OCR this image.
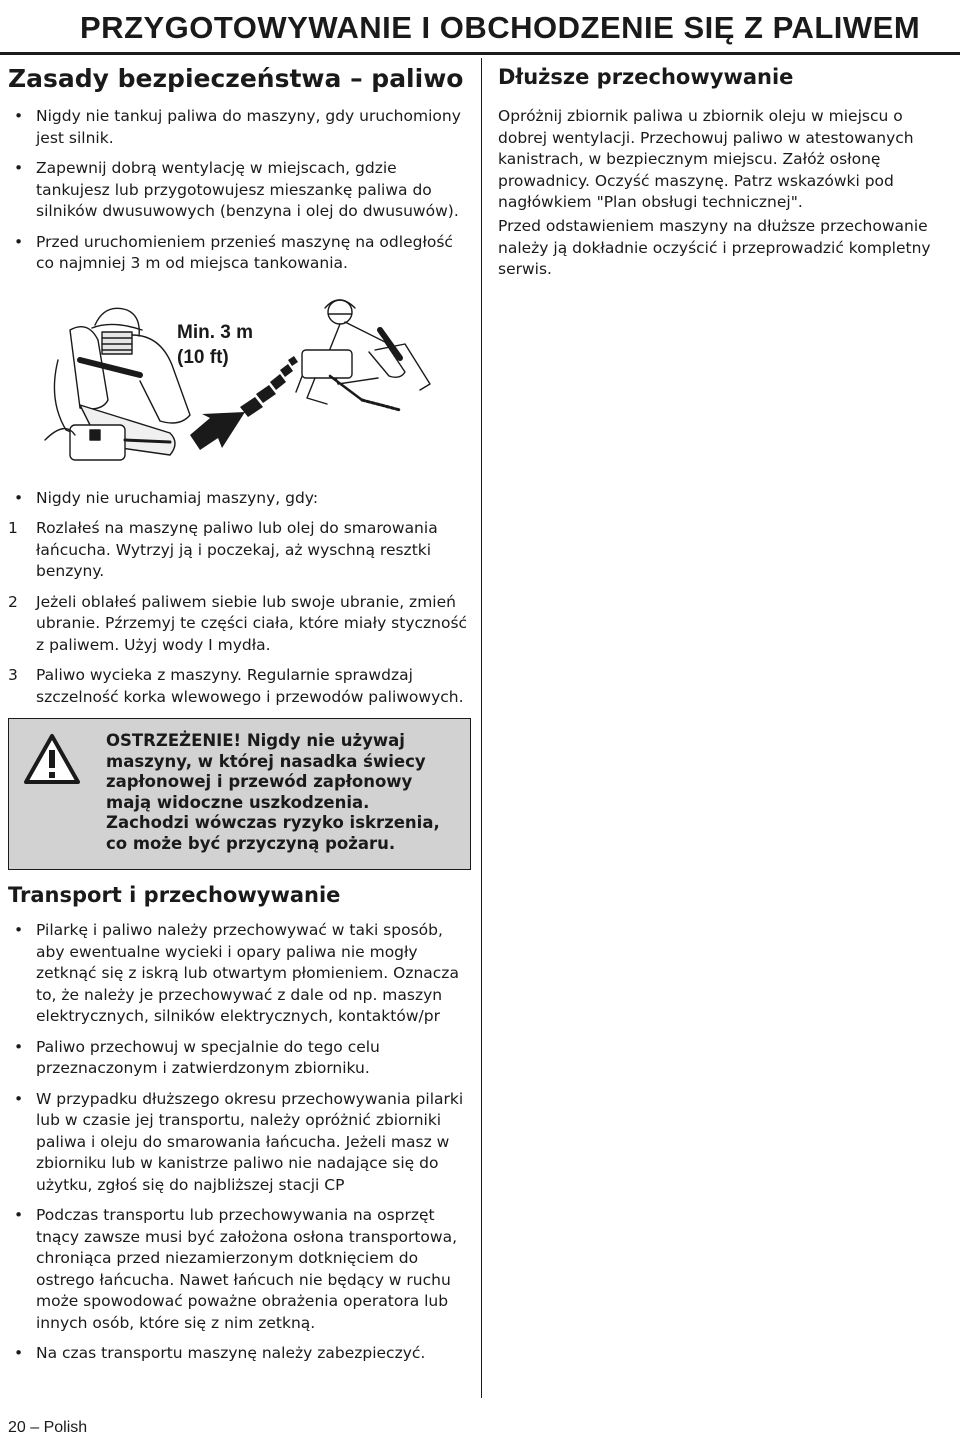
PRZYGOTOWYWANIE I OBCHODZENIE SIĘ Z PALIWEM
Zasady bezpieczeństwa – paliwo
• Nigdy nie tankuj paliwa do maszyny, gdy uruchomiony jest silnik.
• Zapewnij dobrą wentylację w miejscach, gdzie tankujesz lub przygotowujesz mieszankę paliwa do silników dwusuwowych (benzyna i olej do dwusuwów).
• Przed uruchomieniem przenieś maszynę na odległość co najmniej 3 m od miejsca tankowania.
Min. 3 m
(10 ft)
• Nigdy nie uruchamiaj maszyny, gdy:
1 Rozlałeś na maszynę paliwo lub olej do smarowania łańcucha. Wytrzyj ją i poczekaj, aż wyschną resztki benzyny.
2 Jeżeli oblałeś paliwem siebie lub swoje ubranie, zmień ubranie. Pźrzemyj te części ciała, które miały styczność z paliwem. Użyj wody I mydła.
3 Paliwo wycieka z maszyny. Regularnie sprawdzaj szczelność korka wlewowego i przewodów paliwowych.
OSTRZEŻENIE! Nigdy nie używaj maszyny, w której nasadka świecy zapłonowej i przewód zapłonowy mają widoczne uszkodzenia. Zachodzi wówczas ryzyko iskrzenia, co może być przyczyną pożaru.
Transport i przechowywanie
• Pilarkę i paliwo należy przechowywać w taki sposób, aby ewentualne wycieki i opary paliwa nie mogły zetknąć się z iskrą lub otwartym płomieniem. Oznacza to, że należy je przechowywać z dale od np. maszyn elektrycznych, silników elektrycznych, kontaktów/pr
• Paliwo przechowuj w specjalnie do tego celu przeznaczonym i zatwierdzonym zbiorniku.
• W przypadku dłuższego okresu przechowywania pilarki lub w czasie jej transportu, należy opróżnić zbiorniki paliwa i oleju do smarowania łańcucha. Jeżeli masz w zbiorniku lub w kanistrze paliwo nie nadające się do użytku, zgłoś się do najbliższej stacji CP
• Podczas transportu lub przechowywania na osprzęt tnący zawsze musi być założona osłona transportowa, chroniąca przed niezamierzonym dotknięciem do ostrego łańcucha. Nawet łańcuch nie będący w ruchu może spowodować poważne obrażenia operatora lub innych osób, które się z nim zetkną.
• Na czas transportu maszynę należy zabezpieczyć.
Dłuższe przechowywanie

Opróżnij zbiornik paliwa u zbiornik oleju w miejscu o dobrej wentylacji. Przechowuj paliwo w atestowanych kanistrach, w bezpiecznym miejscu. Załóż osłonę prowadnicy. Oczyść maszynę. Patrz wskazówki pod nagłówkiem "Plan obsługi technicznej".

Przed odstawieniem maszyny na dłuższe przechowanie należy ją dokładnie oczyścić i przeprowadzić kompletny serwis.

20 – Polish
